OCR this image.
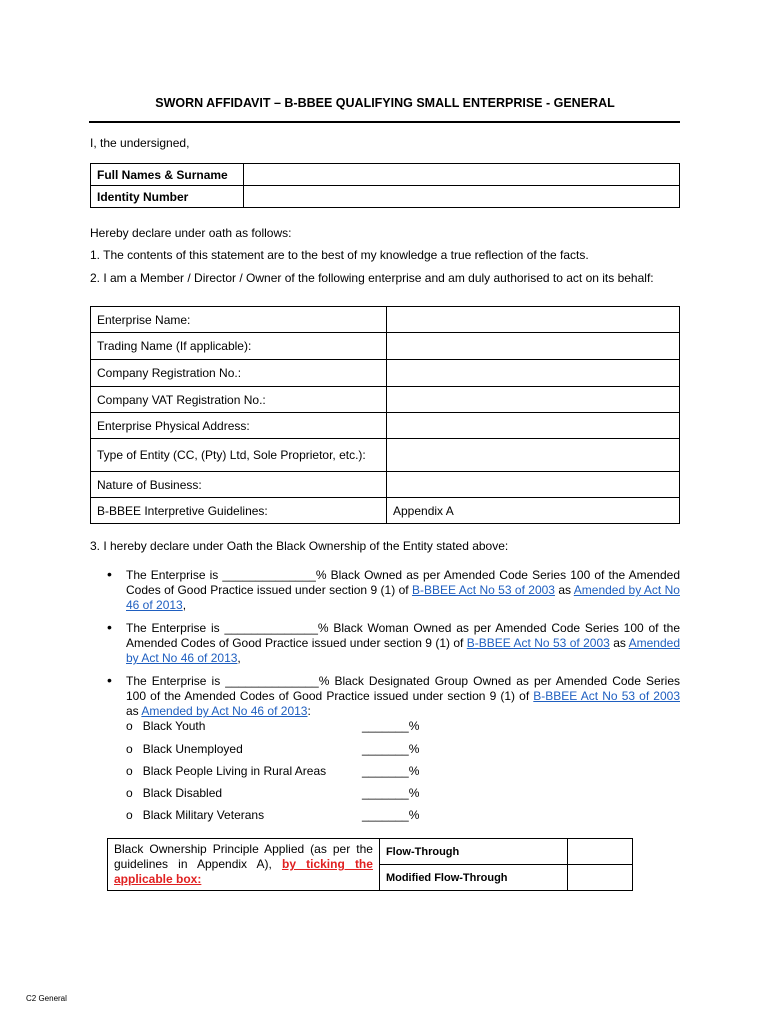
SWORN AFFIDAVIT – B-BBEE QUALIFYING SMALL ENTERPRISE - GENERAL
I, the undersigned,
Full Names & Surname	
Identity Number	
Hereby declare under oath as follows:
1. The contents of this statement are to the best of my knowledge a true reflection of the facts.
2. I am a Member / Director / Owner of the following enterprise and am duly authorised to act on its behalf:
Enterprise Name:	
Trading Name (If applicable):	
Company Registration No.:	
Company VAT Registration No.:	
Enterprise Physical Address:	
Type of Entity (CC, (Pty) Ltd, Sole Proprietor, etc.):	
Nature of Business:	
B-BBEE Interpretive Guidelines:	Appendix A
3. I hereby declare under Oath the Black Ownership of the Entity stated above:
• The Enterprise is ______________% Black Owned as per Amended Code Series 100 of the Amended Codes of Good Practice issued under section 9 (1) of B-BBEE Act No 53 of 2003 as Amended by Act No 46 of 2013,
• The Enterprise is ______________% Black Woman Owned as per Amended Code Series 100 of the Amended Codes of Good Practice issued under section 9 (1) of B-BBEE Act No 53 of 2003 as Amended by Act No 46 of 2013,
• The Enterprise is ______________% Black Designated Group Owned as per Amended Code Series 100 of the Amended Codes of Good Practice issued under section 9 (1) of B-BBEE Act No 53 of 2003 as Amended by Act No 46 of 2013:
o Black Youth	_______%
o Black Unemployed	_______%
o Black People Living in Rural Areas	_______%
o Black Disabled	_______%
o Black Military Veterans	_______%
Black Ownership Principle Applied (as per the guidelines in Appendix A), by ticking the applicable box:	Flow-Through	
	Modified Flow-Through	
C2 General
